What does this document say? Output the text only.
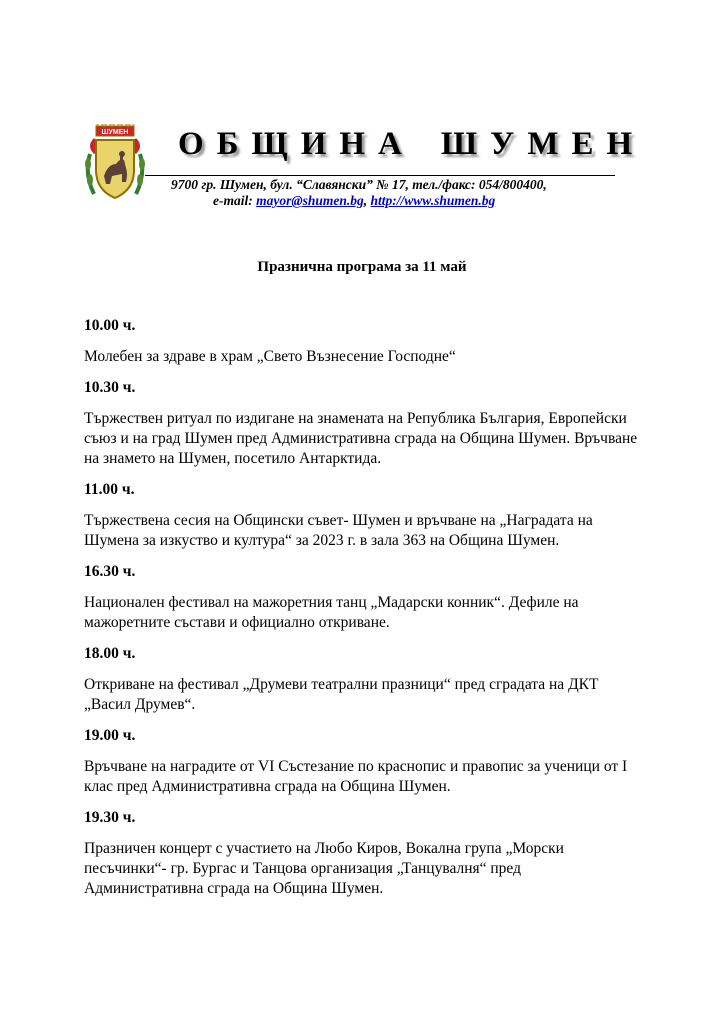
ШУМЕН ОБЩИНА ШУМЕН
9700 гр. Шумен, бул. “Славянски” № 17, тел./факс: 054/800400,
e-mail: mayor@shumen.bg, http://www.shumen.bg
Празнична програма за 11 май
10.00 ч.
Молебен за здраве в храм „Свето Възнесение Господне“
10.30 ч.
Тържествен ритуал по издигане на знамената на Република България, Европейски съюз и на град Шумен пред Административна сграда на Община Шумен. Връчване на знамето на Шумен, посетило Антарктида.
11.00 ч.
Тържествена сесия на Общински съвет- Шумен и връчване на „Наградата на Шумена за изкуство и култура“ за 2023 г. в зала 363 на Община Шумен.
16.30 ч.
Национален фестивал на мажоретния танц „Мадарски конник“. Дефиле на мажоретните състави и официално откриване.
18.00 ч.
Откриване на фестивал „Друмеви театрални празници“ пред сградата на ДКТ „Васил Друмев“.
19.00 ч.
Връчване на наградите от VI Състезание по краснопис и правопис за ученици от I клас пред Административна сграда на Община Шумен.
19.30 ч.
Празничен концерт с участието на Любо Киров, Вокална група „Морски песъчинки“- гр. Бургас и Танцова организация „Танцувалня“ пред Административна сграда на Община Шумен.
